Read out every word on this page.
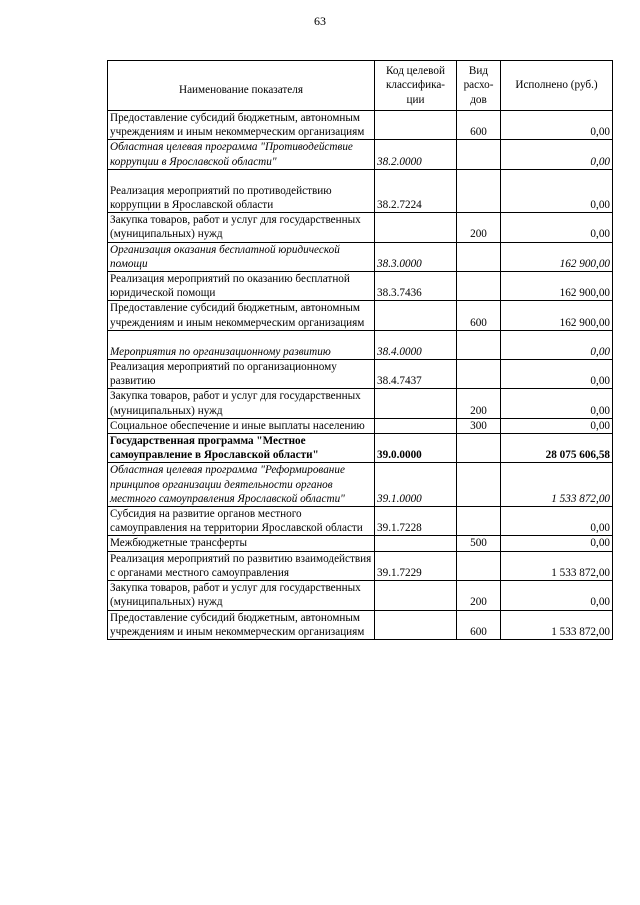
63
Наименование показателя	Код целевой классифика-ции	Вид расхо-дов	Исполнено (руб.)
Предоставление субсидий бюджетным, автономным учреждениям и иным некоммерческим организациям		600	0,00
Областная целевая программа "Противодействие коррупции в Ярославской области"	38.2.0000		0,00
Реализация мероприятий по противодействию коррупции в Ярославской области	38.2.7224		0,00
Закупка товаров, работ и услуг для государственных (муниципальных) нужд		200	0,00
Организация оказания бесплатной юридической помощи	38.3.0000		162 900,00
Реализация мероприятий по оказанию бесплатной юридической помощи	38.3.7436		162 900,00
Предоставление субсидий бюджетным, автономным учреждениям и иным некоммерческим организациям		600	162 900,00
Мероприятия по организационному развитию	38.4.0000		0,00
Реализация мероприятий по организационному развитию	38.4.7437		0,00
Закупка товаров, работ и услуг для государственных (муниципальных) нужд		200	0,00
Социальное обеспечение и иные выплаты населению		300	0,00
Государственная программа "Местное самоуправление в Ярославской области"	39.0.0000		28 075 606,58
Областная целевая программа "Реформирование принципов организации деятельности органов местного самоуправления Ярославской области"	39.1.0000		1 533 872,00
Субсидия на развитие органов местного самоуправления на территории Ярославской области	39.1.7228		0,00
Межбюджетные трансферты		500	0,00
Реализация мероприятий по развитию взаимодействия с органами местного самоуправления	39.1.7229		1 533 872,00
Закупка товаров, работ и услуг для государственных (муниципальных) нужд		200	0,00
Предоставление субсидий бюджетным, автономным учреждениям и иным некоммерческим организациям		600	1 533 872,00
